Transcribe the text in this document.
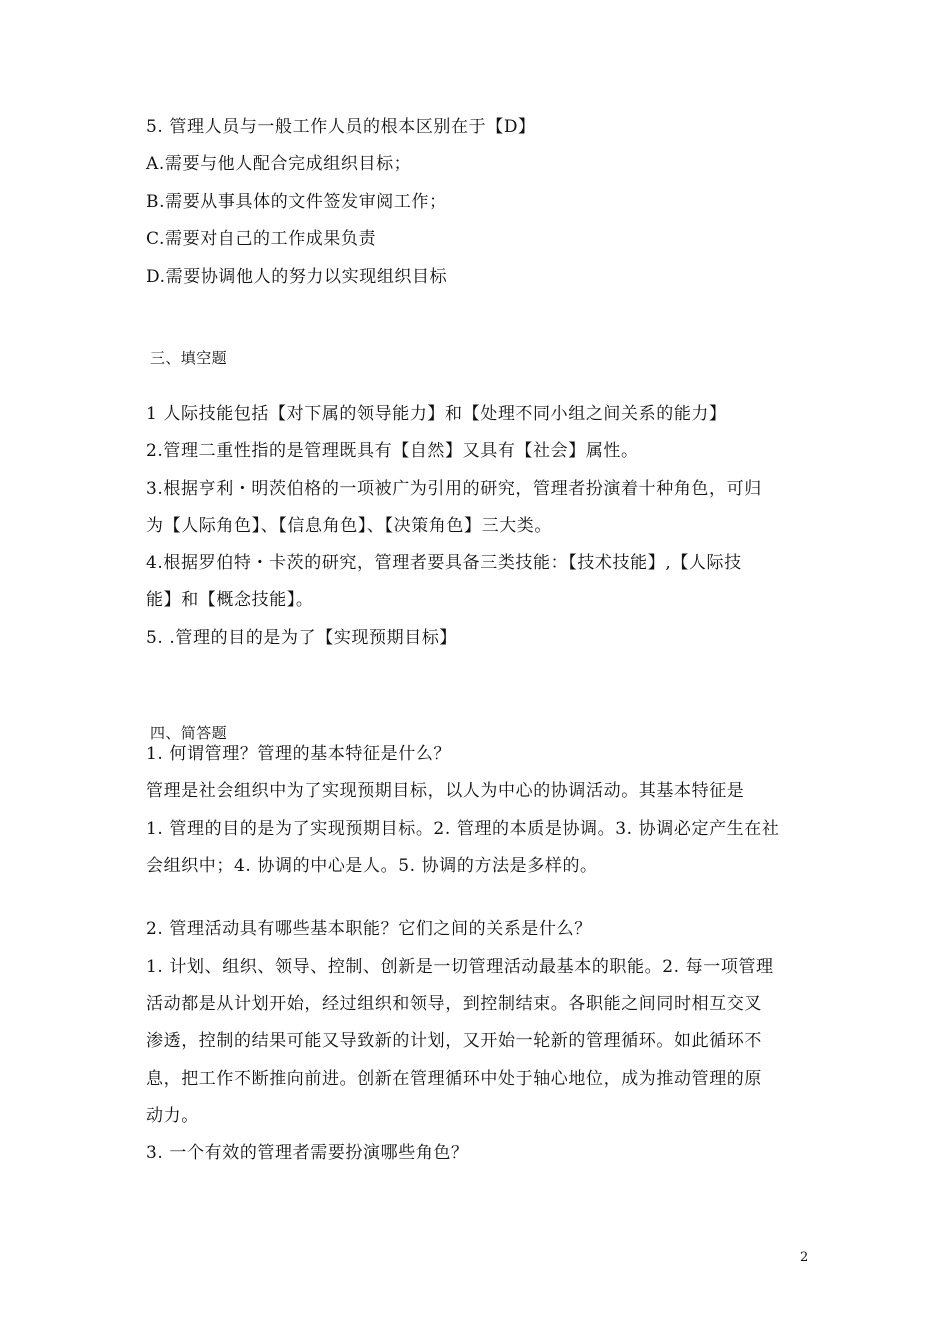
5. 管理人员与一般工作人员的根本区别在于【D】
A.需要与他人配合完成组织目标；
B.需要从事具体的文件签发审阅工作；
C.需要对自己的工作成果负责
D.需要协调他人的努力以实现组织目标
三、填空题
1 人际技能包括【对下属的领导能力】和【处理不同小组之间关系的能力】
2.管理二重性指的是管理既具有【自然】又具有【社会】属性。
3.根据亨利・明茨伯格的一项被广为引用的研究，管理者扮演着十种角色，可归
为【人际角色】、【信息角色】、【决策角色】三大类。
4.根据罗伯特・卡茨的研究，管理者要具备三类技能：【技术技能】,【人际技
能】和【概念技能】。
5. .管理的目的是为了【实现预期目标】
四、简答题
1. 何谓管理？管理的基本特征是什么？
管理是社会组织中为了实现预期目标，以人为中心的协调活动。其基本特征是
1. 管理的目的是为了实现预期目标。2. 管理的本质是协调。3. 协调必定产生在社
会组织中；4. 协调的中心是人。5. 协调的方法是多样的。
2. 管理活动具有哪些基本职能？它们之间的关系是什么？
1. 计划、组织、领导、控制、创新是一切管理活动最基本的职能。2. 每一项管理
活动都是从计划开始，经过组织和领导，到控制结束。各职能之间同时相互交叉
渗透，控制的结果可能又导致新的计划，又开始一轮新的管理循环。如此循环不
息，把工作不断推向前进。创新在管理循环中处于轴心地位，成为推动管理的原
动力。
3. 一个有效的管理者需要扮演哪些角色？
2
